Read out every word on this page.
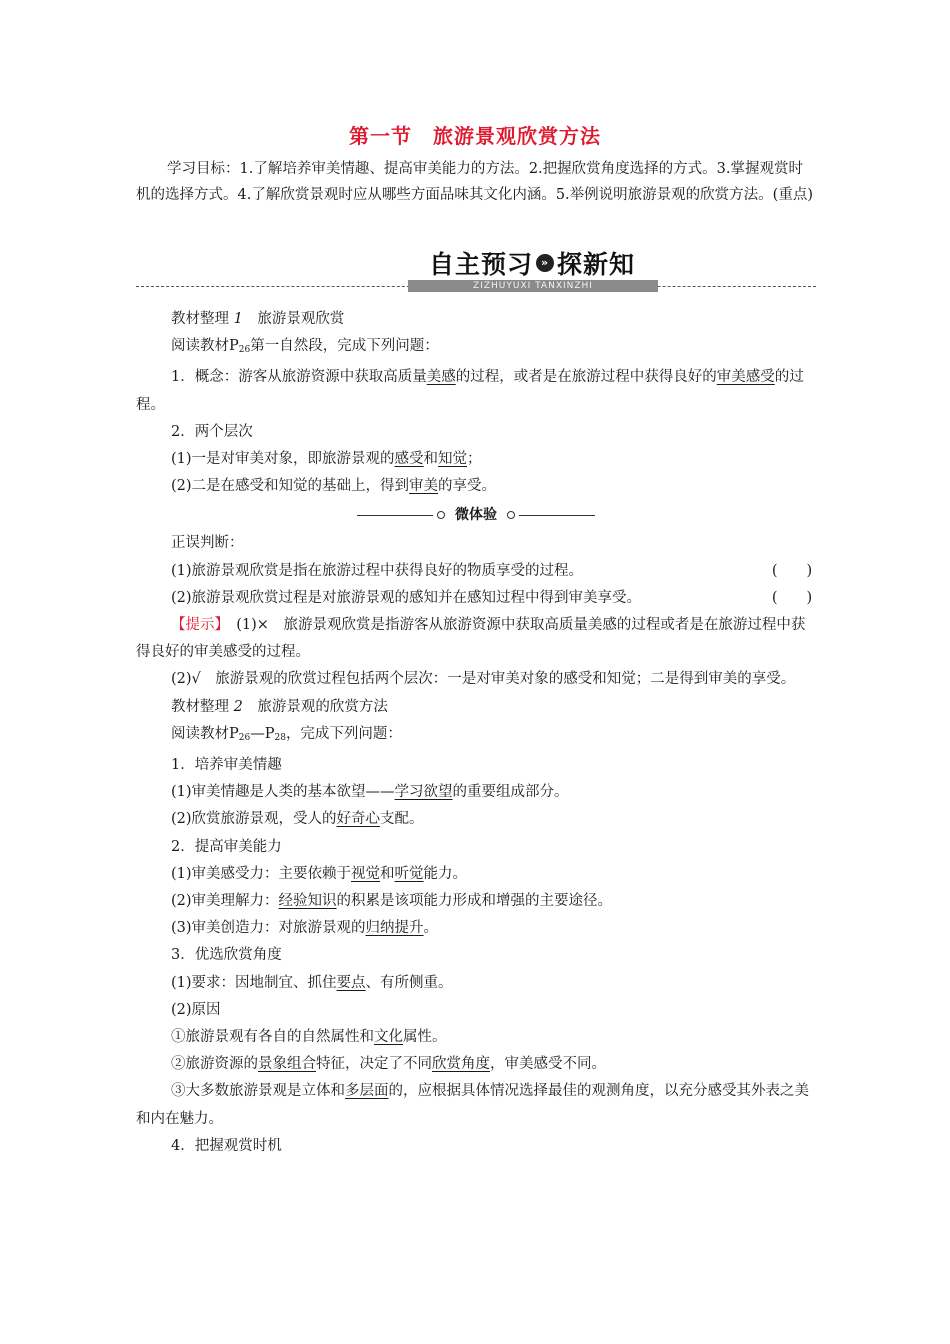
第一节　旅游景观欣赏方法
学习目标：1.了解培养审美情趣、提高审美能力的方法。2.把握欣赏角度选择的方式。3.掌握观赏时机的选择方式。4.了解欣赏景观时应从哪些方面品味其文化内涵。5.举例说明旅游景观的欣赏方法。(重点)
自主预习 » 探新知
ZIZHUYUXI TANXINZHI

教材整理 1　旅游景观欣赏

阅读教材P26第一自然段，完成下列问题：

1．概念：游客从旅游资源中获取高质量美感的过程，或者是在旅游过程中获得良好的审美感受的过程。

2．两个层次

(1)一是对审美对象，即旅游景观的感受和知觉；

(2)二是在感受和知觉的基础上，得到审美的享受。

微体验

正误判断：

(1)旅游景观欣赏是指在旅游过程中获得良好的物质享受的过程。	(　　)
(2)旅游景观欣赏过程是对旅游景观的感知并在感知过程中得到审美享受。	(　　)

【提示】　(1)×　旅游景观欣赏是指游客从旅游资源中获取高质量美感的过程或者是在旅游过程中获得良好的审美感受的过程。

(2)√　旅游景观的欣赏过程包括两个层次：一是对审美对象的感受和知觉；二是得到审美的享受。

教材整理 2　旅游景观的欣赏方法

阅读教材P26—P28，完成下列问题：

1．培养审美情趣

(1)审美情趣是人类的基本欲望——学习欲望的重要组成部分。

(2)欣赏旅游景观，受人的好奇心支配。

2．提高审美能力

(1)审美感受力：主要依赖于视觉和听觉能力。

(2)审美理解力：经验知识的积累是该项能力形成和增强的主要途径。

(3)审美创造力：对旅游景观的归纳提升。

3．优选欣赏角度

(1)要求：因地制宜、抓住要点、有所侧重。

(2)原因

①旅游景观有各自的自然属性和文化属性。

②旅游资源的景象组合特征，决定了不同欣赏角度，审美感受不同。

③大多数旅游景观是立体和多层面的，应根据具体情况选择最佳的观测角度，以充分感受其外表之美和内在魅力。

4．把握观赏时机
